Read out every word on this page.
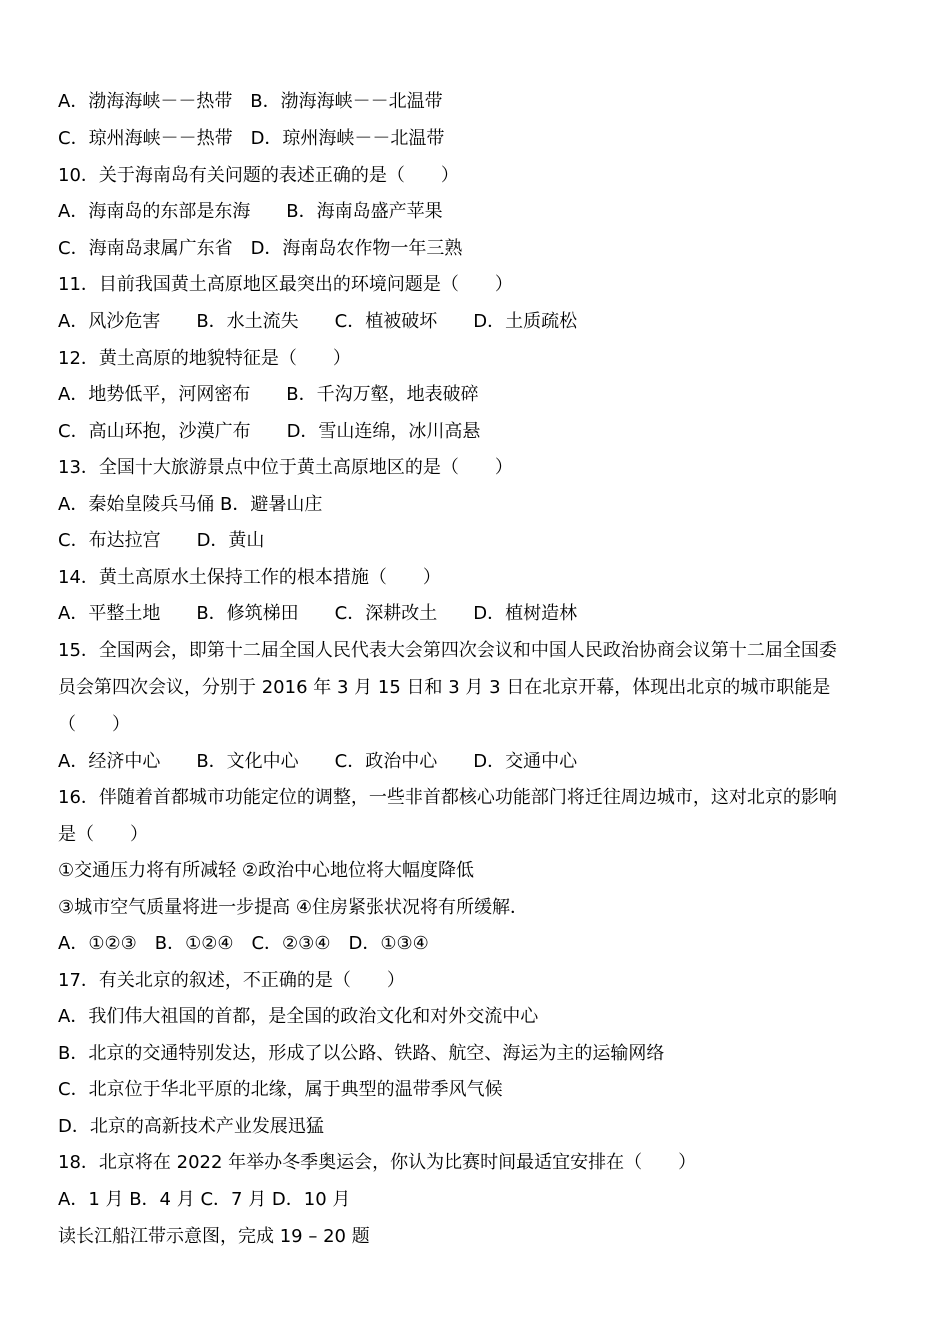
A．渤海海峡－－热带　B．渤海海峡－－北温带
C．琼州海峡－－热带　D．琼州海峡－－北温带
10．关于海南岛有关问题的表述正确的是（　　）
A．海南岛的东部是东海　　B．海南岛盛产苹果
C．海南岛隶属广东省　D．海南岛农作物一年三熟
11．目前我国黄土高原地区最突出的环境问题是（　　）
A．风沙危害　　B．水土流失　　C．植被破坏　　D．土质疏松
12．黄土高原的地貌特征是（　　）
A．地势低平，河网密布　　B．千沟万壑，地表破碎
C．高山环抱，沙漠广布　　D．雪山连绵，冰川高悬
13．全国十大旅游景点中位于黄土高原地区的是（　　）
A．秦始皇陵兵马俑 B．避暑山庄
C．布达拉宫　　D．黄山
14．黄土高原水土保持工作的根本措施（　　）
A．平整土地　　B．修筑梯田　　C．深耕改土　　D．植树造林
15．全国两会，即第十二届全国人民代表大会第四次会议和中国人民政治协商会议第十二届全国委
员会第四次会议，分别于 2016 年 3 月 15 日和 3 月 3 日在北京开幕，体现出北京的城市职能是
（　　）
A．经济中心　　B．文化中心　　C．政治中心　　D．交通中心
16．伴随着首都城市功能定位的调整，一些非首都核心功能部门将迁往周边城市，这对北京的影响
是（　　）
①交通压力将有所减轻 ②政治中心地位将大幅度降低
③城市空气质量将进一步提高 ④住房紧张状况将有所缓解．
A．①②③　B．①②④　C．②③④　D．①③④
17．有关北京的叙述，不正确的是（　　）
A．我们伟大祖国的首都，是全国的政治文化和对外交流中心
B．北京的交通特别发达，形成了以公路、铁路、航空、海运为主的运输网络
C．北京位于华北平原的北缘，属于典型的温带季风气候
D．北京的高新技术产业发展迅猛
18．北京将在 2022 年举办冬季奥运会，你认为比赛时间最适宜安排在（　　）
A．1 月 B．4 月 C．7 月 D．10 月
读长江船江带示意图，完成 19 – 20 题
